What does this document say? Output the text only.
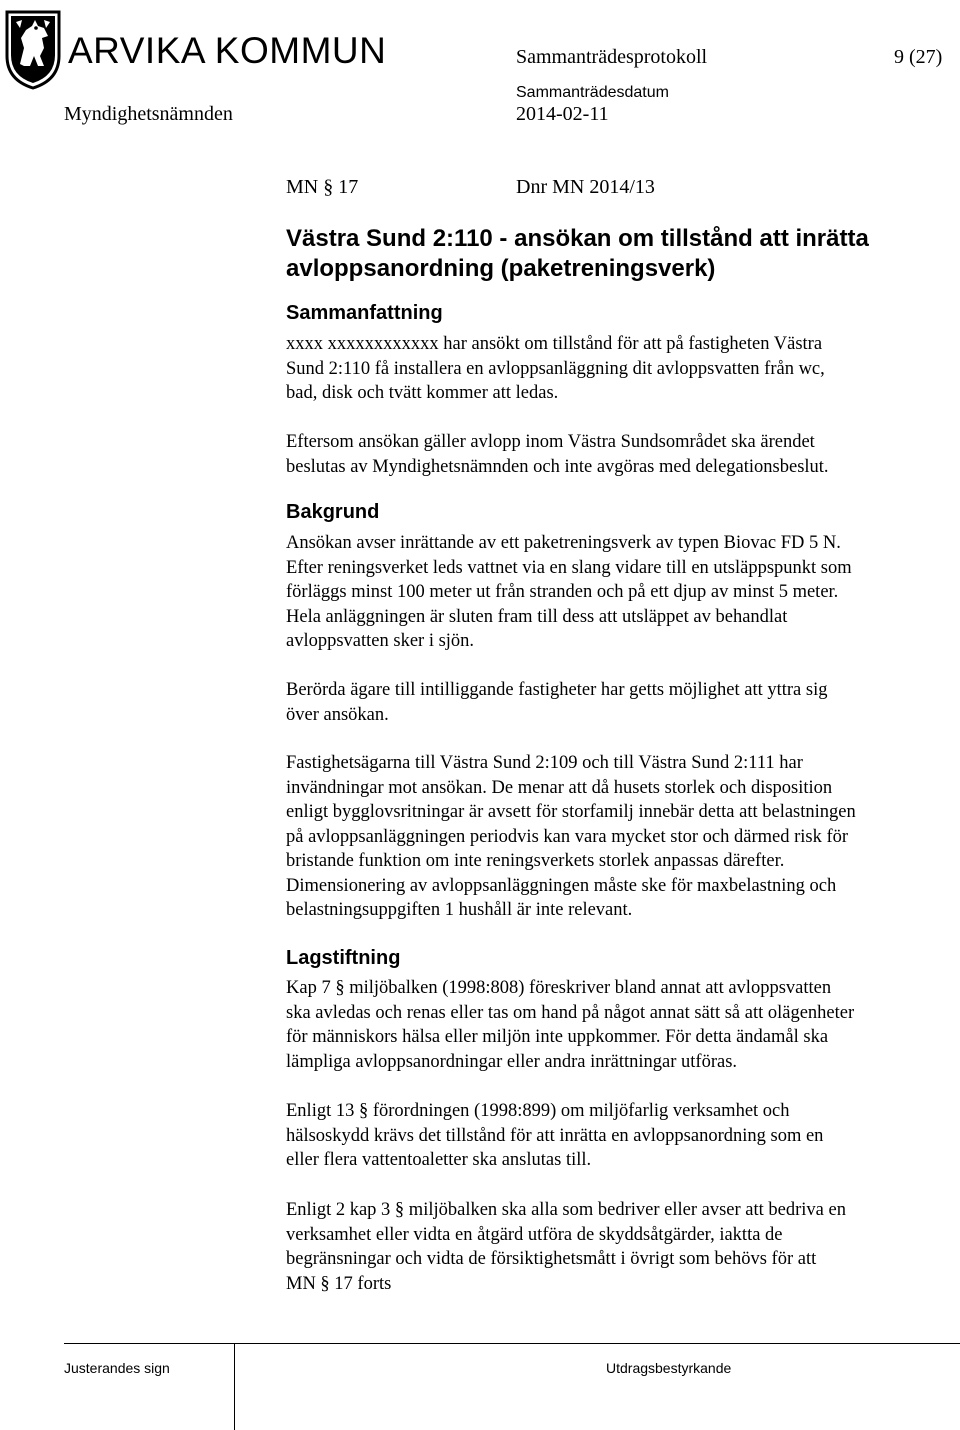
ARVIKA KOMMUN	Sammanträdesprotokoll	9 (27)
Myndighetsnämnden
Sammanträdesdatum
2014-02-11
MN § 17	Dnr MN 2014/13
Västra Sund 2:110 - ansökan om tillstånd att inrätta avloppsanordning (paketreningsverk)
Sammanfattning
xxxx xxxxxxxxxxxx har ansökt om tillstånd för att på fastigheten Västra
Sund 2:110 få installera en avloppsanläggning dit avloppsvatten från wc,
bad, disk och tvätt kommer att ledas.
Eftersom ansökan gäller avlopp inom Västra Sundsområdet ska ärendet
beslutas av Myndighetsnämnden och inte avgöras med delegationsbeslut.
Bakgrund
Ansökan avser inrättande av ett paketreningsverk av typen Biovac FD 5 N.
Efter reningsverket leds vattnet via en slang vidare till en utsläppspunkt som
förläggs minst 100 meter ut från stranden och på ett djup av minst 5 meter.
Hela anläggningen är sluten fram till dess att utsläppet av behandlat
avloppsvatten sker i sjön.
Berörda ägare till intilliggande fastigheter har getts möjlighet att yttra sig
över ansökan.
Fastighetsägarna till Västra Sund 2:109 och till Västra Sund 2:111 har
invändningar mot ansökan. De menar att då husets storlek och disposition
enligt bygglovsritningar är avsett för storfamilj innebär detta att belastningen
på avloppsanläggningen periodvis kan vara mycket stor och därmed risk för
bristande funktion om inte reningsverkets storlek anpassas därefter.
Dimensionering av avloppsanläggningen måste ske för maxbelastning och
belastningsuppgiften 1 hushåll är inte relevant.
Lagstiftning
Kap 7 § miljöbalken (1998:808) föreskriver bland annat att avloppsvatten
ska avledas och renas eller tas om hand på något annat sätt så att olägenheter
för människors hälsa eller miljön inte uppkommer. För detta ändamål ska
lämpliga avloppsanordningar eller andra inrättningar utföras.
Enligt 13 § förordningen (1998:899) om miljöfarlig verksamhet och
hälsoskydd krävs det tillstånd för att inrätta en avloppsanordning som en
eller flera vattentoaletter ska anslutas till.
Enligt 2 kap 3 § miljöbalken ska alla som bedriver eller avser att bedriva en
verksamhet eller vidta en åtgärd utföra de skyddsåtgärder, iaktta de
begränsningar och vidta de försiktighetsmått i övrigt som behövs för att
MN § 17 forts
Justerandes sign	Utdragsbestyrkande
